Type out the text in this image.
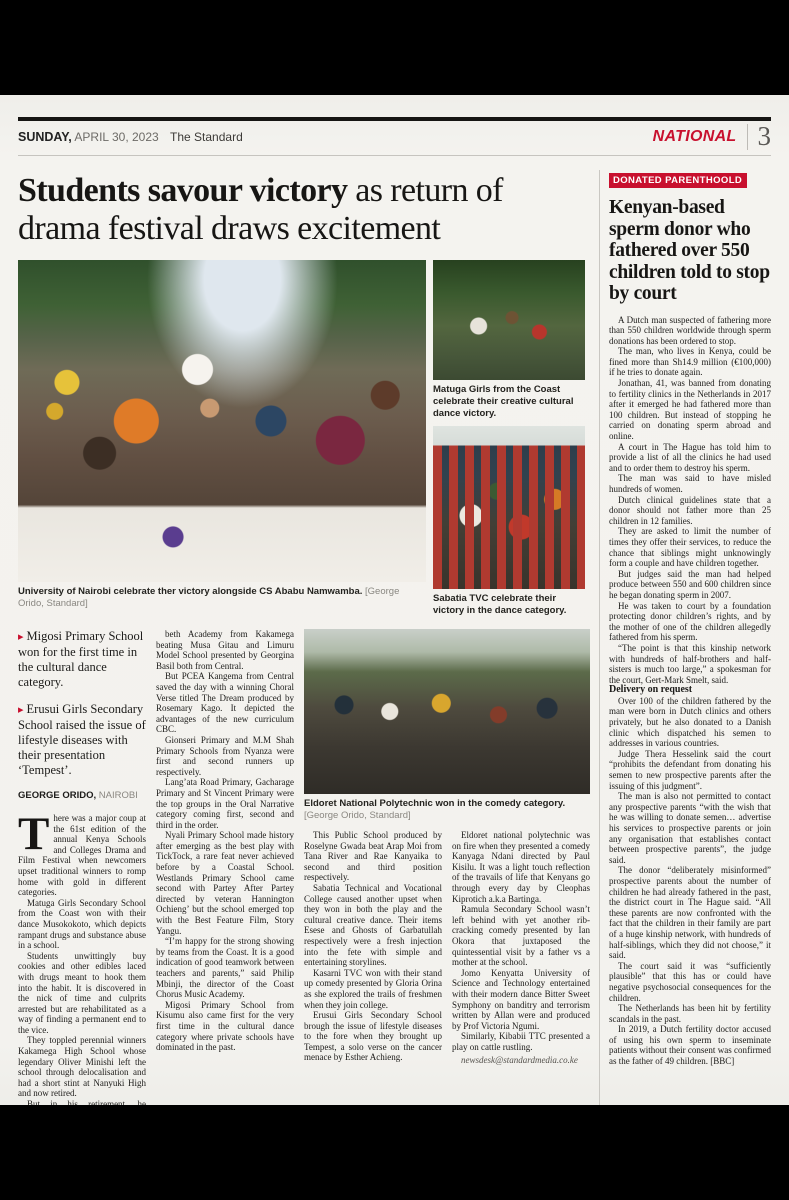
SUNDAY, APRIL 30, 2023 The Standard	NATIONAL 3
Students savour victory as return of drama festival draws excitement
University of Nairobi celebrate ther victory alongside CS Ababu Namwamba. [George Orido, Standard]
Matuga Girls from the Coast celebrate their creative cultural dance victory.
Sabatia TVC celebrate their victory in the dance category.
▸ Migosi Primary School won for the first time in the cultural dance category.
▸ Erusui Girls Secondary School raised the issue of lifestyle diseases with their presentation ‘Tempest’.
GEORGE ORIDO, NAIROBI

There was a major coup at the 61st edition of the annual Kenya Schools and Colleges Drama and Film Festival when newcomers upset traditional winners to romp home with gold in different categories.

Matuga Girls Secondary School from the Coast won with their dance Musokokoto, which depicts rampant drugs and substance abuse in a school.

Students unwittingly buy cookies and other edibles laced with drugs meant to hook them into the habit. It is discovered in the nick of time and culprits arrested but are rehabilitated as a way of finding a permanent end to the vice.

They toppled perennial winners Kakamega High School whose legendary Oliver Minishi left the school through delocalisation and had a short stint at Nanyuki High and now retired.

beth Academy from Kakamega beating Musa Gitau and Limuru Model School presented by Georgina Basil both from Central.

But PCEA Kangema from Central saved the day with a winning Choral Verse titled The Dream produced by Rosemary Kago. It depicted the advantages of the new curriculum CBC.

Gionseri Primary and M.M Shah Primary Schools from Nyanza were first and second runners up respectively.

Lang’ata Road Primary, Gacharage Primary and St Vincent Primary were the top groups in the Oral Narrative category coming first, second and third in the order.

Nyali Primary School made history after emerging as the best play with TickTock, a rare feat never achieved before by a Coastal School. Westlands Primary School came second with Partey After Partey directed by veteran Hannington Ochieng’ but the school emerged top with the Best Feature Film, Story Yangu.

“I’m happy for the strong showing by teams from the Coast. It is a good indication of good teamwork between teachers and parents,” said Philip Mbinji, the director of the Coast Chorus Music Academy.

Migosi Primary School from Kisumu also came first for the very first time in the cultural dance category where private schools have dominated in the past.

Eldoret National Polytechnic won in the comedy category. [George Orido, Standard]

This Public School produced by Roselyne Gwada beat Arap Moi from Tana River and Rae Kanyaika to second and third position respectively.

Sabatia Technical and Vocational College caused another upset when they won in both the play and the cultural creative dance. Their items Esese and Ghosts of Garbatullah respectively were a fresh injection into the fete with simple and entertaining storylines.

Kasarni TVC won with their stand up comedy presented by Gloria Orina as she explored the trails of freshmen when they join college.

Erusui Girls Secondary School brough the issue of lifestyle diseases to the fore when they brought up Tempest, a solo verse on the cancer menace by Esther Achieng.

Eldoret national polytechnic was on fire when they presented a comedy Kanyaga Ndani directed by Paul Kisilu. It was a light touch reflection of the travails of life that Kenyans go through every day by Cleophas Kiprotich a.k.a Bartinga.

Ramula Secondary School wasn’t left behind with yet another rib-cracking comedy presented by Ian Okora that juxtaposed the quintessential visit by a father vs a mother at the school.

Jomo Kenyatta University of Science and Technology entertained with their modern dance Bitter Sweet Symphony on banditry and terrorism written by Allan were and produced by Prof Victoria Ngumi.

Similarly, Kibabii TTC presented a play on cattle rustling.

newsdesk@standardmedia.co.ke
DONATED PARENTHOOLD
Kenyan-based sperm donor who fathered over 550 children told to stop by court

A Dutch man suspected of fathering more than 550 children worldwide through sperm donations has been ordered to stop.

The man, who lives in Kenya, could be fined more than Sh14.9 million (€100,000) if he tries to donate again.

Jonathan, 41, was banned from donating to fertility clinics in the Netherlands in 2017 after it emerged he had fathered more than 100 children. But instead of stopping he carried on donating sperm abroad and online.

A court in The Hague has told him to provide a list of all the clinics he had used and to order them to destroy his sperm.

The man was said to have misled hundreds of women.

Dutch clinical guidelines state that a donor should not father more than 25 children in 12 families.

They are asked to limit the number of times they offer their services, to reduce the chance that siblings might unknowingly form a couple and have children together.

But judges said the man had helped produce between 550 and 600 children since he began donating sperm in 2007.

He was taken to court by a foundation protecting donor children’s rights, and by the mother of one of the children allegedly fathered from his sperm.

“The point is that this kinship network with hundreds of half-brothers and half-sisters is much too large,” a spokesman for the court, Gert-Mark Smelt, said.

Delivery on request

Over 100 of the children fathered by the man were born in Dutch clinics and others privately, but he also donated to a Danish clinic which dispatched his semen to addresses in various countries.

Judge Thera Hesselink said the court “prohibits the defendant from donating his semen to new prospective parents after the issuing of this judgment”.

The man is also not permitted to contact any prospective parents “with the wish that he was willing to donate semen… advertise his services to prospective parents or join any organisation that establishes contact between prospective parents”, the judge said.

The donor “deliberately misinformed” prospective parents about the number of children he had already fathered in the past, the district court in The Hague said. “All these parents are now confronted with the fact that the children in their family are part of a huge kinship network, with hundreds of half-siblings, which they did not choose,” it said.

The court said it was “sufficiently plausible” that this has or could have negative psychosocial consequences for the children.

The Netherlands has been hit by fertility scandals in the past.

In 2019, a Dutch fertility doctor accused of using his own sperm to inseminate patients without their consent was confirmed as the father of 49 children. [BBC]
